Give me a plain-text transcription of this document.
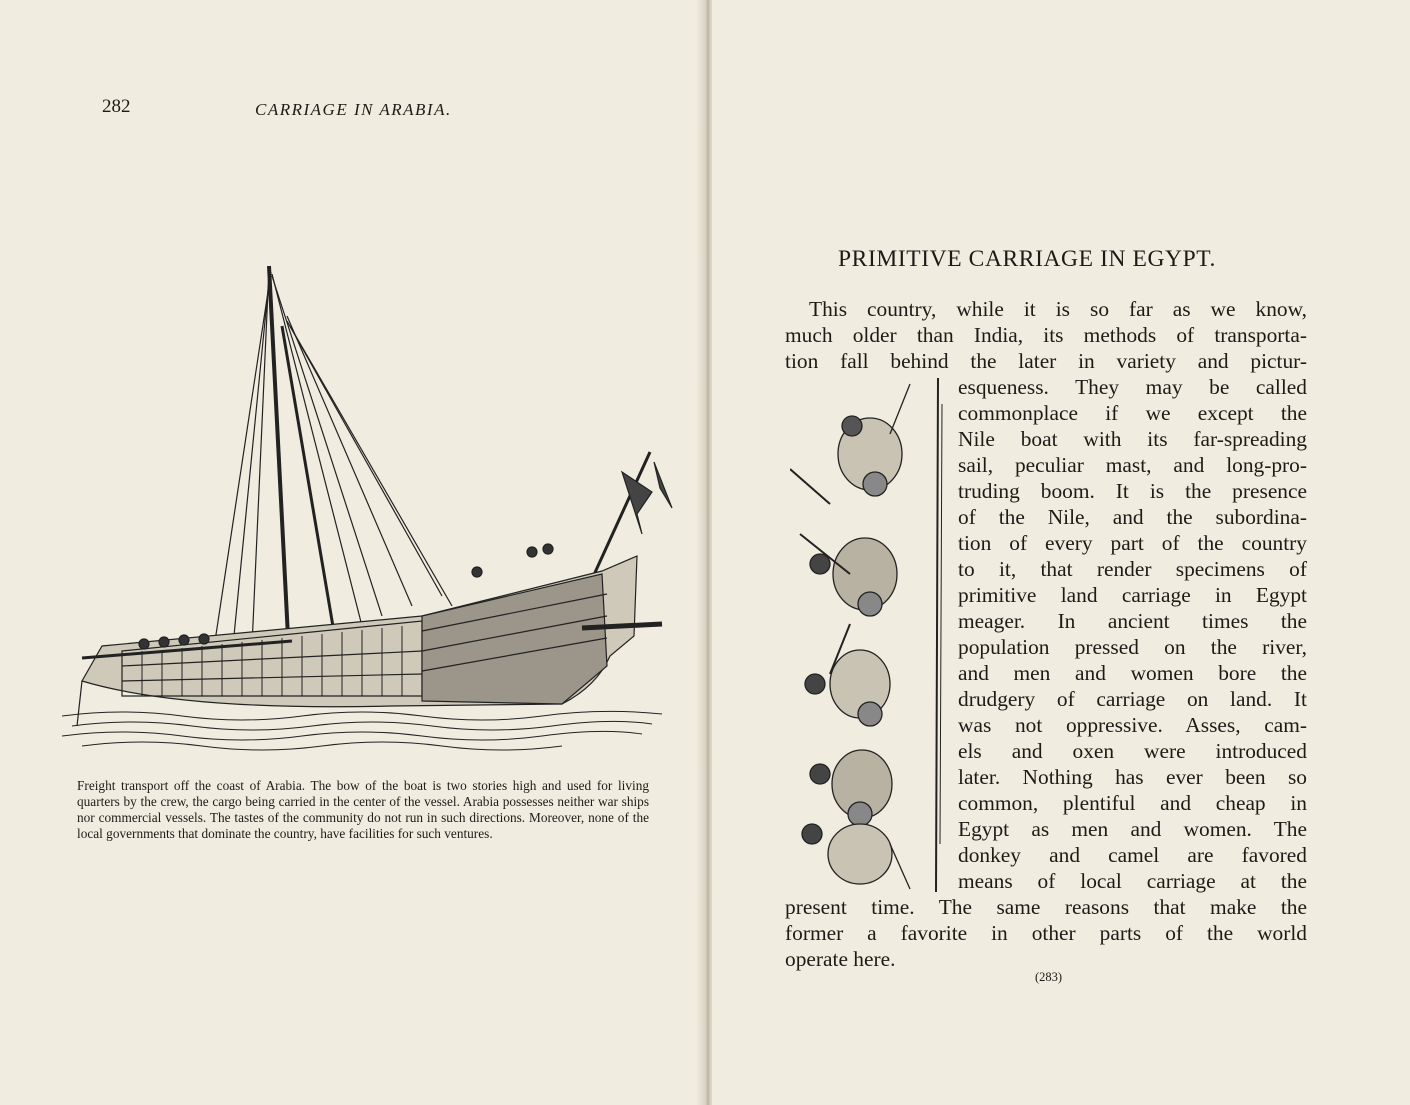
282	CARRIAGE IN ARABIA.
Freight transport off the coast of Arabia. The bow of the boat is two stories high and used for living quarters by the crew, the cargo being carried in the center of the vessel. Arabia possesses neither war ships nor commercial vessels. The tastes of the community do not run in such directions. Moreover, none of the local governments that dominate the country, have facilities for such ventures.
PRIMITIVE CARRIAGE IN EGYPT.
This country, while it is so far as we know,
much older than India, its methods of transporta-
tion fall behind the later in variety and pictur-
esqueness. They may be called
commonplace if we except the
Nile boat with its far-spreading
sail, peculiar mast, and long-pro-
truding boom. It is the presence
of the Nile, and the subordina-
tion of every part of the country
to it, that render specimens of
primitive land carriage in Egypt
meager. In ancient times the
population pressed on the river,
and men and women bore the
drudgery of carriage on land. It
was not oppressive. Asses, cam-
els and oxen were introduced
later. Nothing has ever been so
common, plentiful and cheap in
Egypt as men and women. The
donkey and camel are favored
means of local carriage at the
present time. The same reasons that make the
former a favorite in other parts of the world
operate here.
(283)
